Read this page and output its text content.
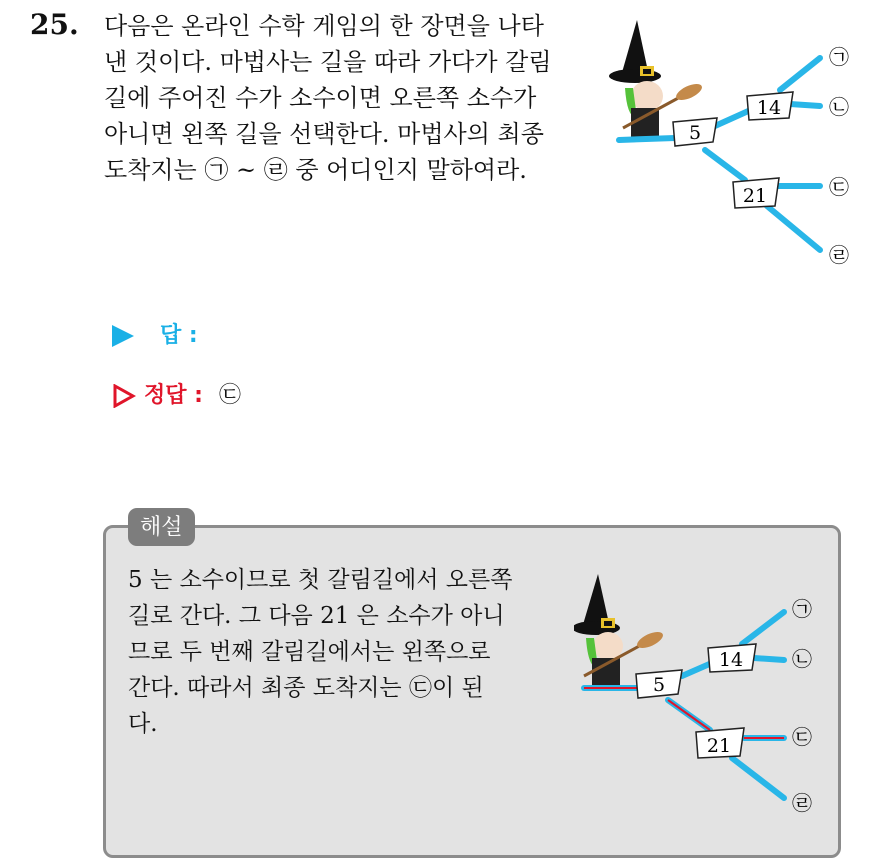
25. 다음은 온라인 수학 게임의 한 장면을 나타
낸 것이다. 마법사는 길을 따라 가다가 갈림
길에 주어진 수가 소수이면 오른쪽 소수가
아니면 왼쪽 길을 선택한다. 마법사의 최종
도착지는 ㉠ ~ ㉣ 중 어디인지 말하여라.
5
14
21
㉠
㉡
㉢
㉣
답 :
정답 : ㉢
해설
5 는 소수이므로 첫 갈림길에서 오른쪽
길로 간다. 그 다음 21 은 소수가 아니
므로 두 번째 갈림길에서는 왼쪽으로
간다. 따라서 최종 도착지는 ㉢이 된
다.
5
14
21
㉠
㉡
㉢
㉣
